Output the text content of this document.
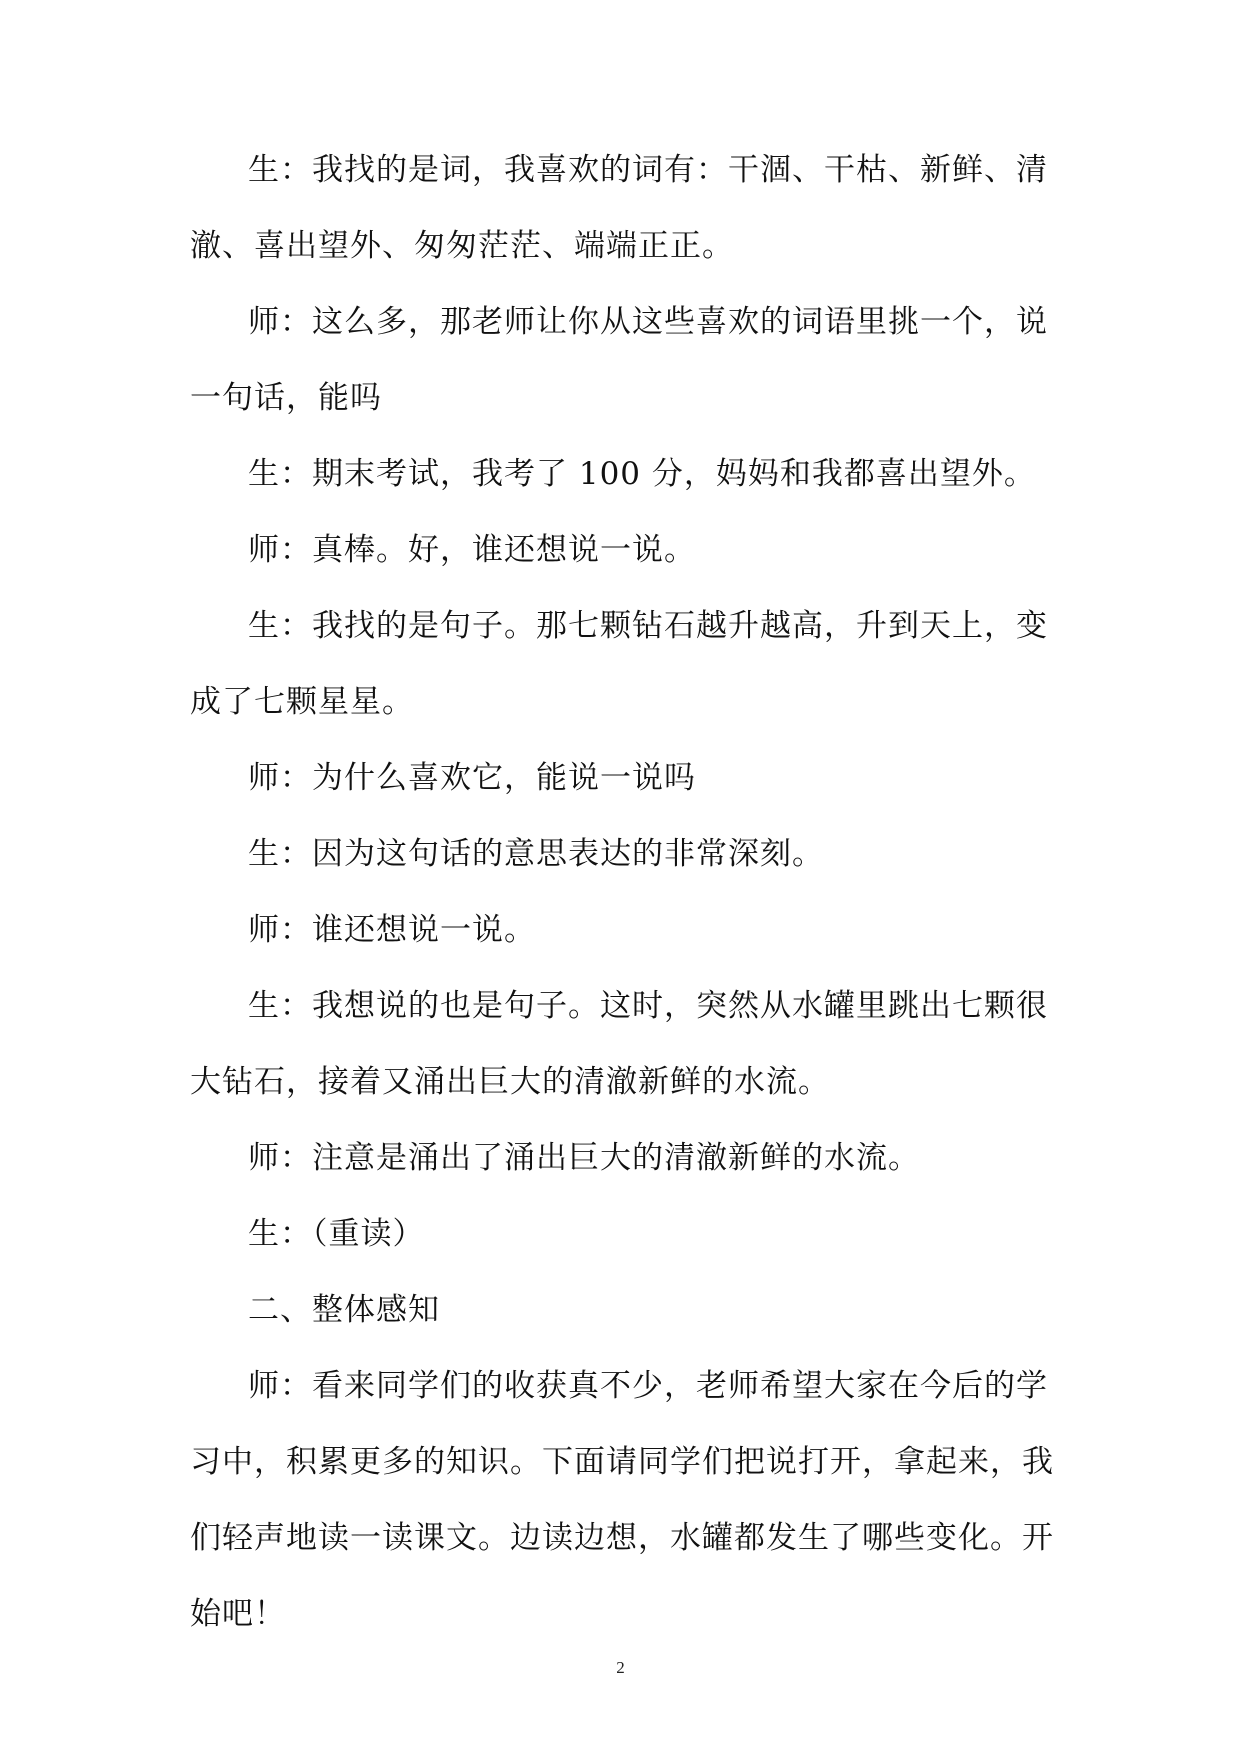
生：我找的是词，我喜欢的词有：干涸、干枯、新鲜、清澈、喜出望外、匆匆茫茫、端端正正。

师：这么多，那老师让你从这些喜欢的词语里挑一个，说一句话，能吗

生：期末考试，我考了 100 分，妈妈和我都喜出望外。

师：真棒。好，谁还想说一说。

生：我找的是句子。那七颗钻石越升越高，升到天上，变成了七颗星星。

师：为什么喜欢它，能说一说吗

生：因为这句话的意思表达的非常深刻。

师：谁还想说一说。

生：我想说的也是句子。这时，突然从水罐里跳出七颗很大钻石，接着又涌出巨大的清澈新鲜的水流。

师：注意是涌出了涌出巨大的清澈新鲜的水流。

生：（重读）

二、整体感知

师：看来同学们的收获真不少，老师希望大家在今后的学习中，积累更多的知识。下面请同学们把说打开，拿起来，我们轻声地读一读课文。边读边想，水罐都发生了哪些变化。开始吧！

2
